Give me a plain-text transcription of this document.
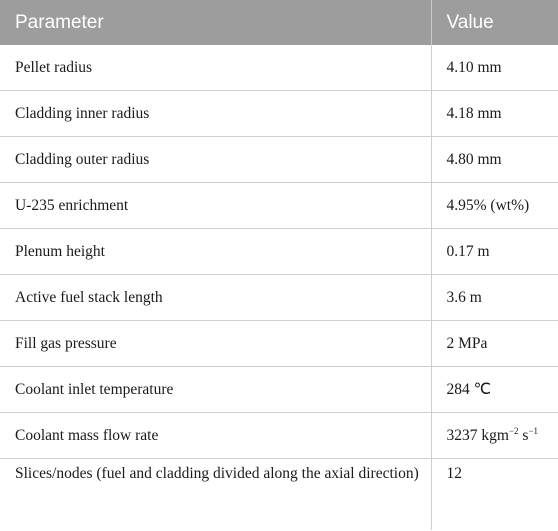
Parameter	Value
Pellet radius	4.10 mm
Cladding inner radius	4.18 mm
Cladding outer radius	4.80 mm
U-235 enrichment	4.95% (wt%)
Plenum height	0.17 m
Active fuel stack length	3.6 m
Fill gas pressure	2 MPa
Coolant inlet temperature	284 ℃
Coolant mass flow rate	3237 kgm$^{-2}$ $s^{-1}$
Slices/nodes (fuel and cladding divided along the axial direction)	12
